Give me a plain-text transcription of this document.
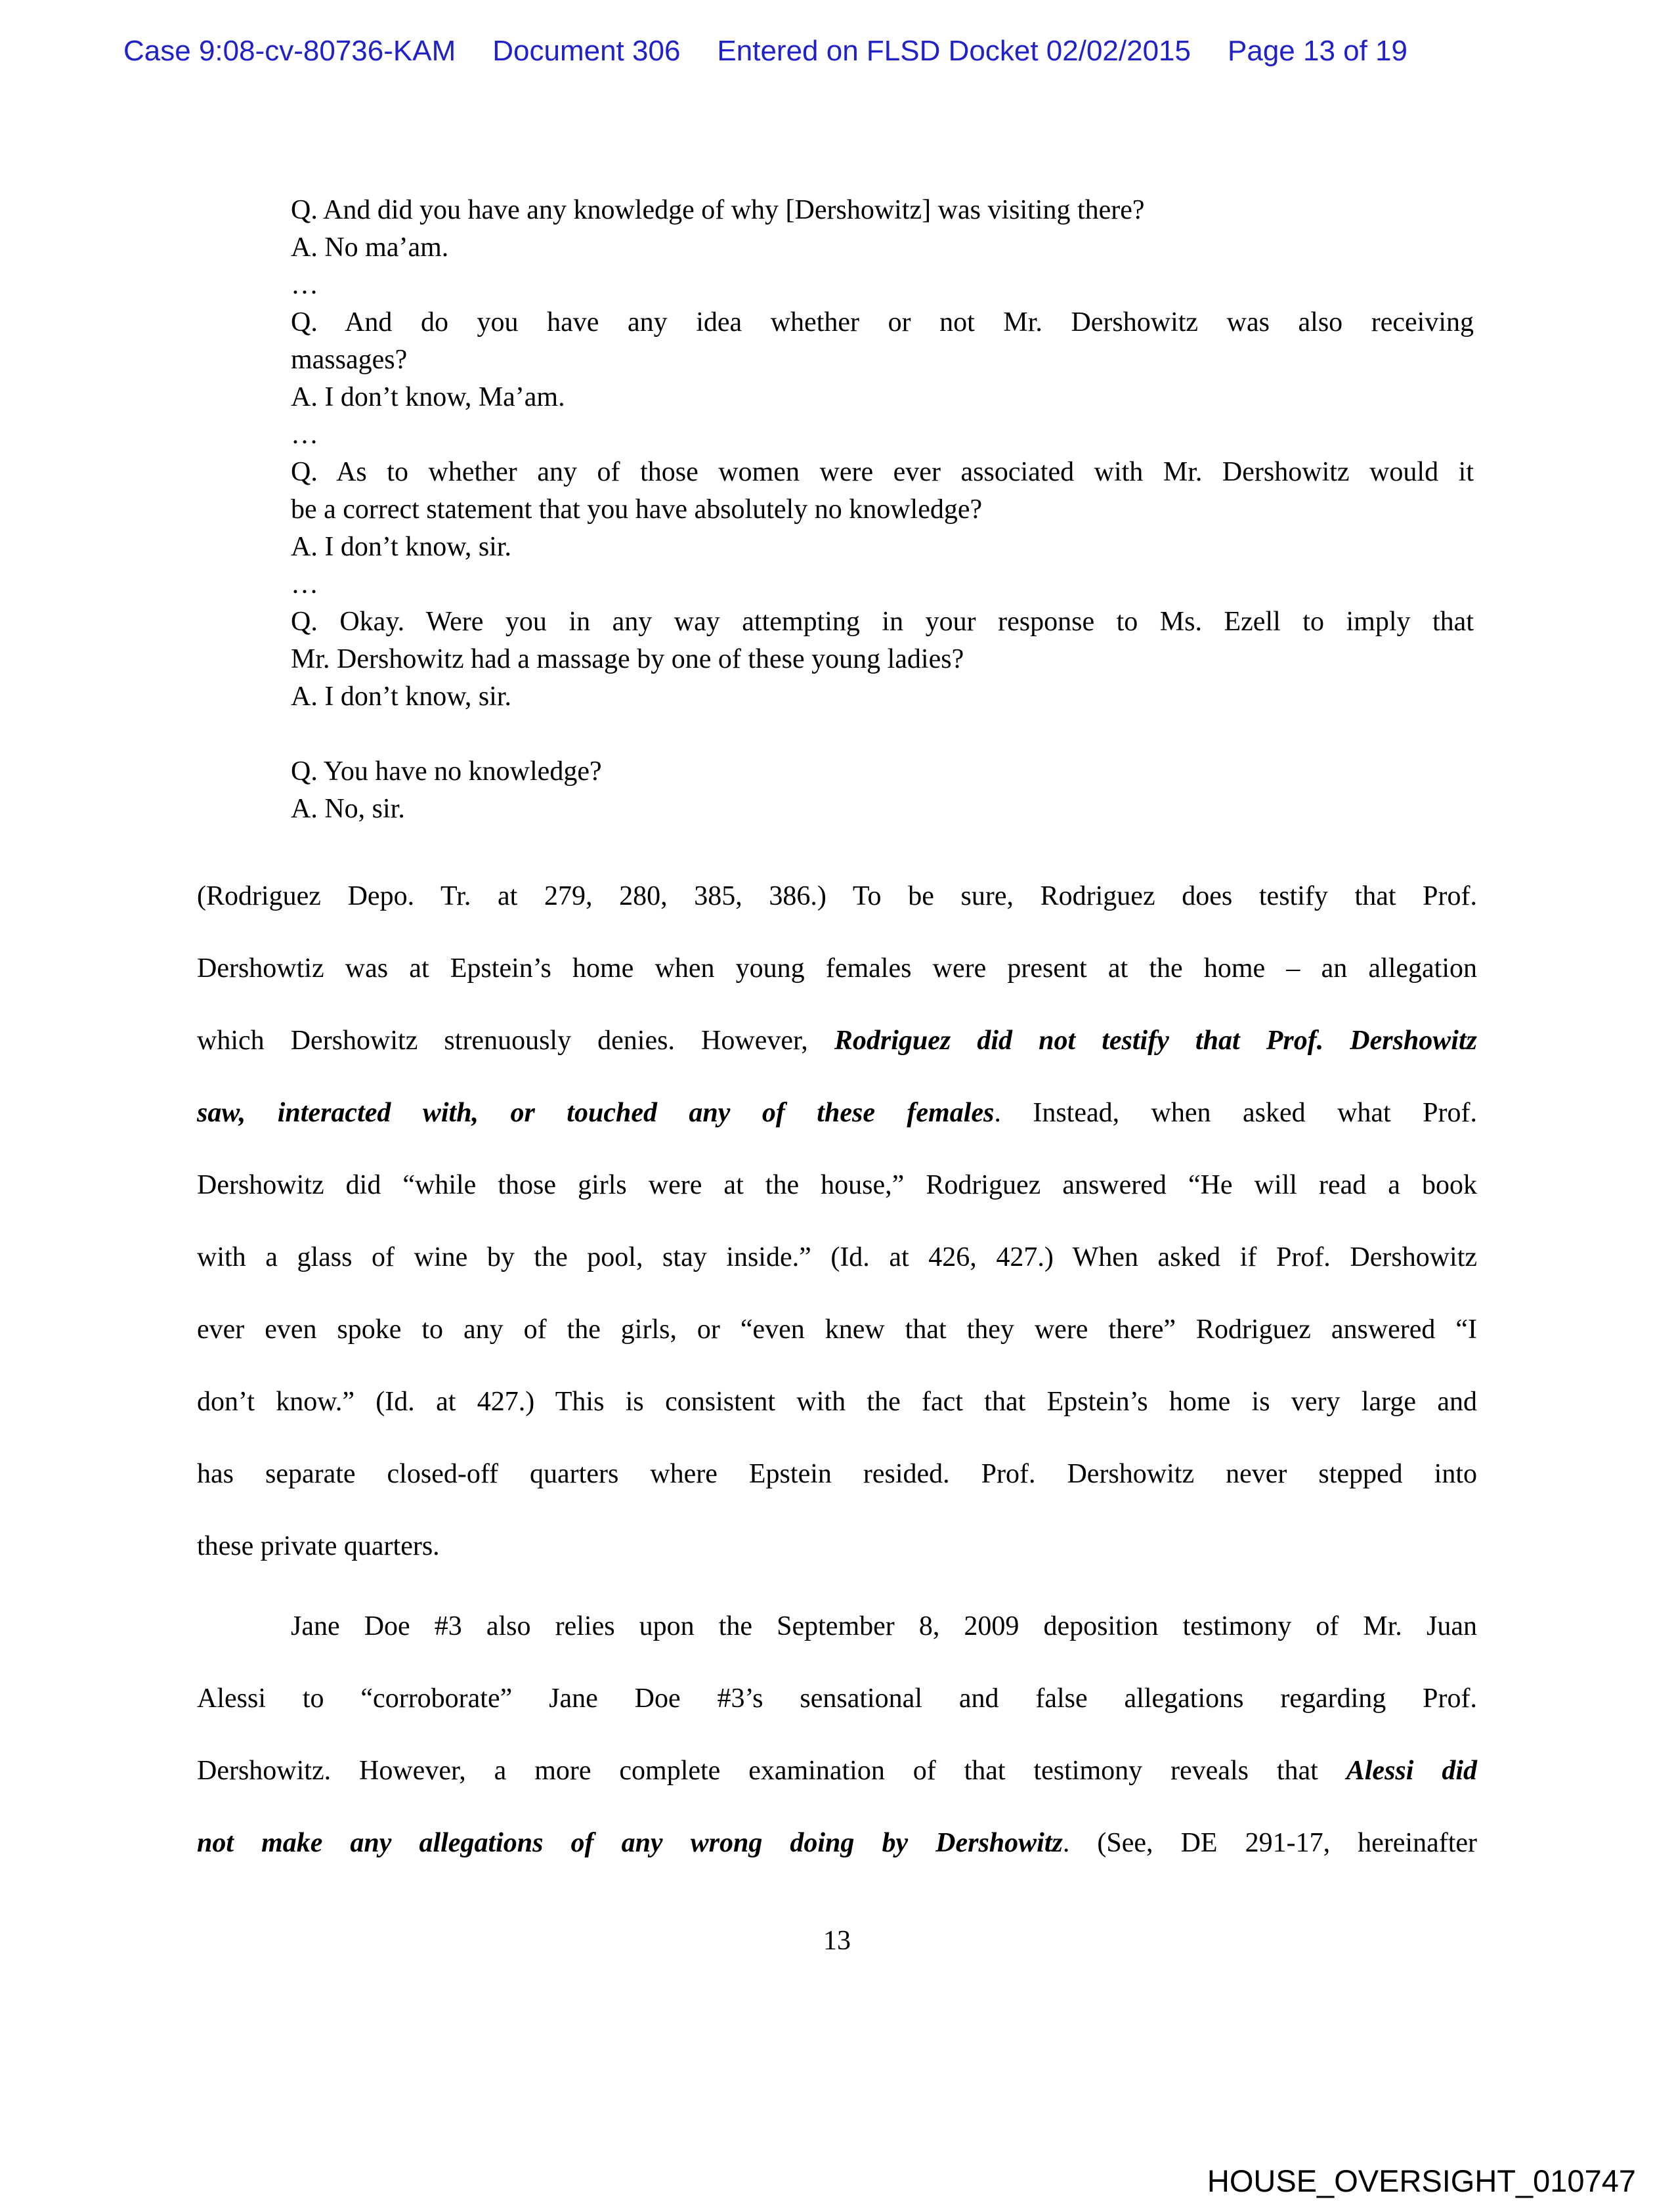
Case 9:08-cv-80736-KAM Document 306 Entered on FLSD Docket 02/02/2015 Page 13 of 19
Q. And did you have any knowledge of why [Dershowitz] was visiting there?
A. No ma’am.
…
Q. And do you have any idea whether or not Mr. Dershowitz was also receiving
massages?
A. I don’t know, Ma’am.
…
Q. As to whether any of those women were ever associated with Mr. Dershowitz would it
be a correct statement that you have absolutely no knowledge?
A. I don’t know, sir.
…
Q. Okay. Were you in any way attempting in your response to Ms. Ezell to imply that
Mr. Dershowitz had a massage by one of these young ladies?
A. I don’t know, sir.

Q. You have no knowledge?
A. No, sir.
(Rodriguez Depo. Tr. at 279, 280, 385, 386.) To be sure, Rodriguez does testify that Prof.
Dershowtiz was at Epstein’s home when young females were present at the home – an allegation
which Dershowitz strenuously denies. However, Rodriguez did not testify that Prof. Dershowitz
saw, interacted with, or touched any of these females. Instead, when asked what Prof.
Dershowitz did “while those girls were at the house,” Rodriguez answered “He will read a book
with a glass of wine by the pool, stay inside.” (Id. at 426, 427.) When asked if Prof. Dershowitz
ever even spoke to any of the girls, or “even knew that they were there” Rodriguez answered “I
don’t know.” (Id. at 427.) This is consistent with the fact that Epstein’s home is very large and
has separate closed-off quarters where Epstein resided. Prof. Dershowitz never stepped into
these private quarters.
Jane Doe #3 also relies upon the September 8, 2009 deposition testimony of Mr. Juan
Alessi to “corroborate” Jane Doe #3’s sensational and false allegations regarding Prof.
Dershowitz. However, a more complete examination of that testimony reveals that Alessi did
not make any allegations of any wrong doing by Dershowitz. (See, DE 291-17, hereinafter
13
HOUSE_OVERSIGHT_010747
